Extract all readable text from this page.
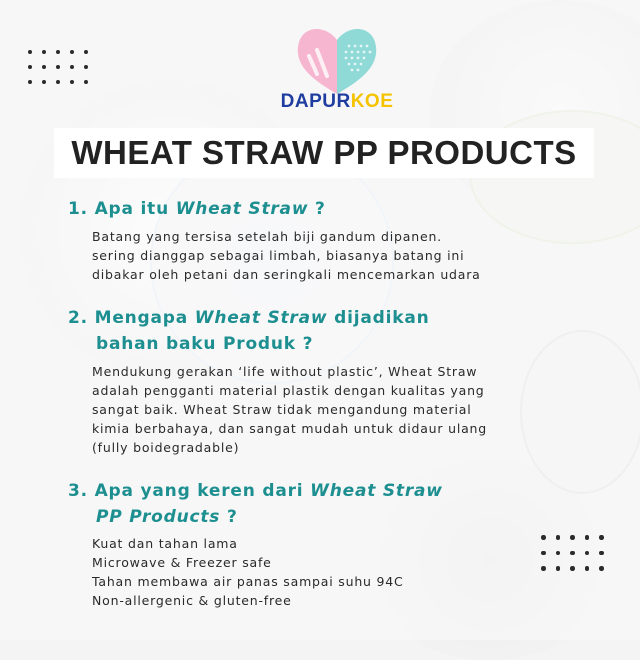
DAPURKOE
WHEAT STRAW PP PRODUCTS
1. Apa itu Wheat Straw ?
Batang yang tersisa setelah biji gandum dipanen.
sering dianggap sebagai limbah, biasanya batang ini
dibakar oleh petani dan seringkali mencemarkan udara
2. Mengapa Wheat Straw dijadikan
bahan baku Produk ?
Mendukung gerakan ‘life without plastic’, Wheat Straw
adalah pengganti material plastik dengan kualitas yang
sangat baik. Wheat Straw tidak mengandung material
kimia berbahaya, dan sangat mudah untuk didaur ulang
(fully boidegradable)
3. Apa yang keren dari Wheat Straw
PP Products ?
Kuat dan tahan lama
Microwave & Freezer safe
Tahan membawa air panas sampai suhu 94C
Non-allergenic & gluten-free
